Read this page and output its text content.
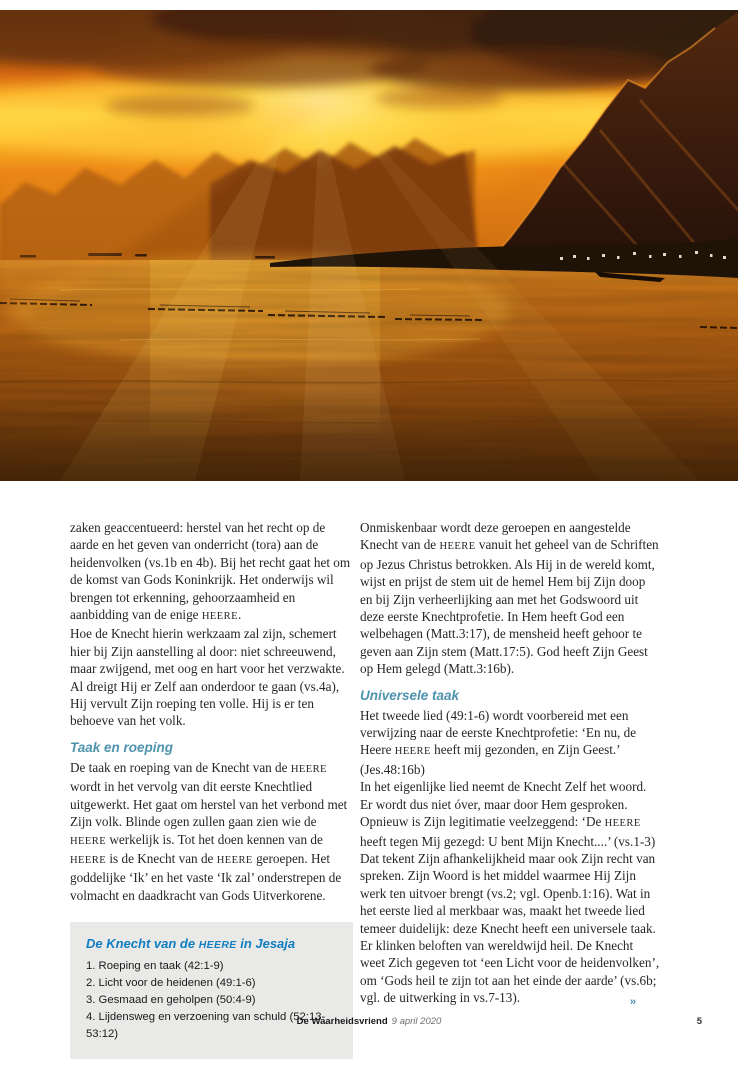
zaken geaccentueerd: herstel van het recht op de aarde en het geven van onderricht (tora) aan de heidenvolken (vs.1b en 4b). Bij het recht gaat het om de komst van Gods Koninkrijk. Het onderwijs wil brengen tot erkenning, gehoorzaamheid en aanbidding van de enige HEERE.

Hoe de Knecht hierin werkzaam zal zijn, schemert hier bij Zijn aanstelling al door: niet schreeuwend, maar zwijgend, met oog en hart voor het verzwakte. Al dreigt Hij er Zelf aan onderdoor te gaan (vs.4a), Hij vervult Zijn roeping ten volle. Hij is er ten behoeve van het volk.

Taak en roeping

De taak en roeping van de Knecht van de HEERE wordt in het vervolg van dit eerste Knechtlied uitgewerkt. Het gaat om herstel van het verbond met Zijn volk. Blinde ogen zullen gaan zien wie de HEERE werkelijk is. Tot het doen kennen van de HEERE is de Knecht van de HEERE geroepen. Het goddelijke ‘Ik’ en het vaste ‘Ik zal’ onderstrepen de volmacht en daadkracht van Gods Uitverkorene.

De Knecht van de HEERE in Jesaja
1. Roeping en taak (42:1-9)
2. Licht voor de heidenen (49:1-6)
3. Gesmaad en geholpen (50:4-9)
4. Lijdensweg en verzoening van schuld (52:13-53:12)

Onmiskenbaar wordt deze geroepen en aangestelde Knecht van de HEERE vanuit het geheel van de Schriften op Jezus Christus betrokken. Als Hij in de wereld komt, wijst en prijst de stem uit de hemel Hem bij Zijn doop en bij Zijn verheerlijking aan met het Godswoord uit deze eerste Knechtprofetie. In Hem heeft God een welbehagen (Matt.3:17), de mensheid heeft gehoor te geven aan Zijn stem (Matt.17:5). God heeft Zijn Geest op Hem gelegd (Matt.3:16b).

Universele taak

Het tweede lied (49:1-6) wordt voorbereid met een verwijzing naar de eerste Knechtprofetie: ‘En nu, de Heere HEERE heeft mij gezonden, en Zijn Geest.’ (Jes.48:16b)

In het eigenlijke lied neemt de Knecht Zelf het woord. Er wordt dus niet óver, maar door Hem gesproken. Opnieuw is Zijn legitimatie veelzeggend: ‘De HEERE heeft tegen Mij gezegd: U bent Mijn Knecht....’ (vs.1-3) Dat tekent Zijn afhankelijkheid maar ook Zijn recht van spreken. Zijn Woord is het middel waarmee Hij Zijn werk ten uitvoer brengt (vs.2; vgl. Openb.1:16). Wat in het eerste lied al merkbaar was, maakt het tweede lied temeer duidelijk: deze Knecht heeft een universele taak. Er klinken beloften van wereldwijd heil. De Knecht weet Zich gegeven tot ‘een Licht voor de heidenvolken’, om ‘Gods heil te zijn tot aan het einde der aarde’ (vs.6b; vgl. de uitwerking in vs.7-13).	»
De Waarheidsvriend 9 april 2020	5
